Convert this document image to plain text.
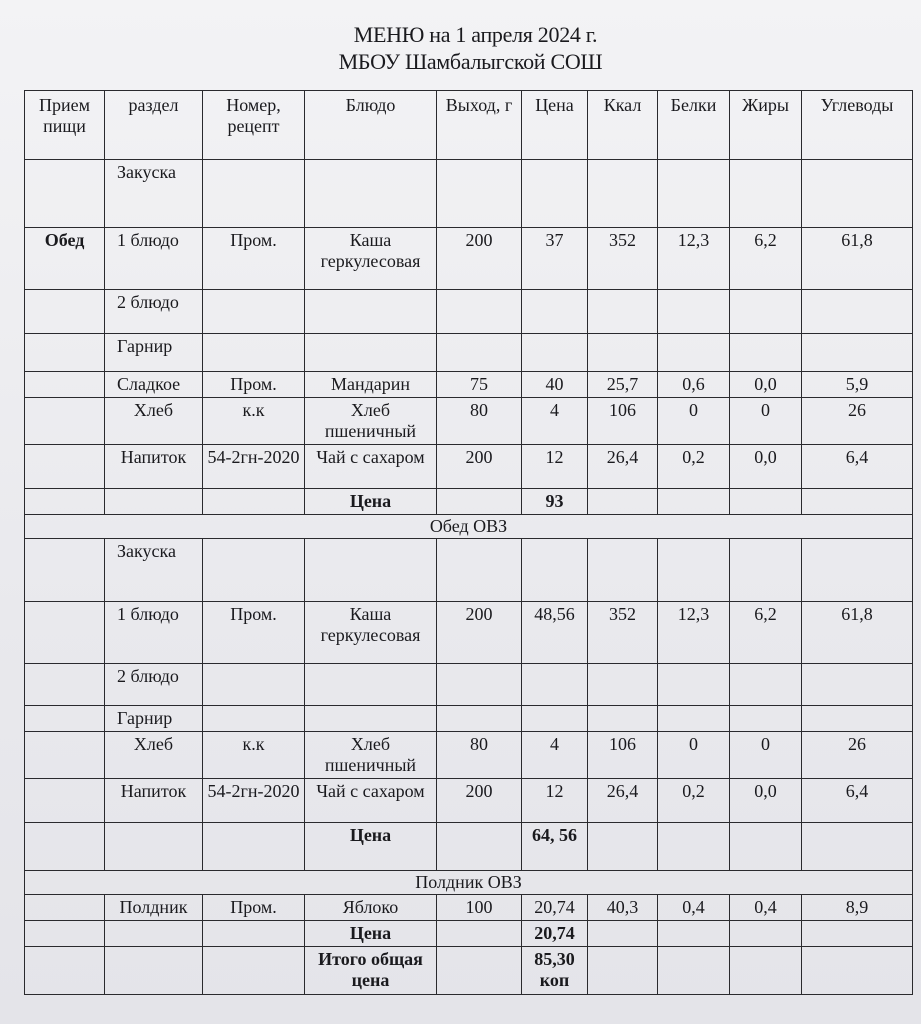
МЕНЮ на 1 апреля 2024 г.
МБОУ Шамбалыгской СОШ
Прием пищи	раздел	Номер, рецепт	Блюдо	Выход, г	Цена	Ккал	Белки	Жиры	Углеводы
	Закуска								
Обед	1 блюдо	Пром.	Каша геркулесовая	200	37	352	12,3	6,2	61,8
	2 блюдо								
	Гарнир								
	Сладкое	Пром.	Мандарин	75	40	25,7	0,6	0,0	5,9
	Хлеб	к.к	Хлеб пшеничный	80	4	106	0	0	26
	Напиток	54-2гн-2020	Чай с сахаром	200	12	26,4	0,2	0,0	6,4
			Цена		93				
Обед ОВЗ									
	Закуска								
	1 блюдо	Пром.	Каша геркулесовая	200	48,56	352	12,3	6,2	61,8
	2 блюдо								
	Гарнир								
	Хлеб	к.к	Хлеб пшеничный	80	4	106	0	0	26
	Напиток	54-2гн-2020	Чай с сахаром	200	12	26,4	0,2	0,0	6,4
			Цена		64, 56				
Полдник ОВЗ									
	Полдник	Пром.	Яблоко	100	20,74	40,3	0,4	0,4	8,9
			Цена		20,74				
			Итого общая цена		85,30 коп				
